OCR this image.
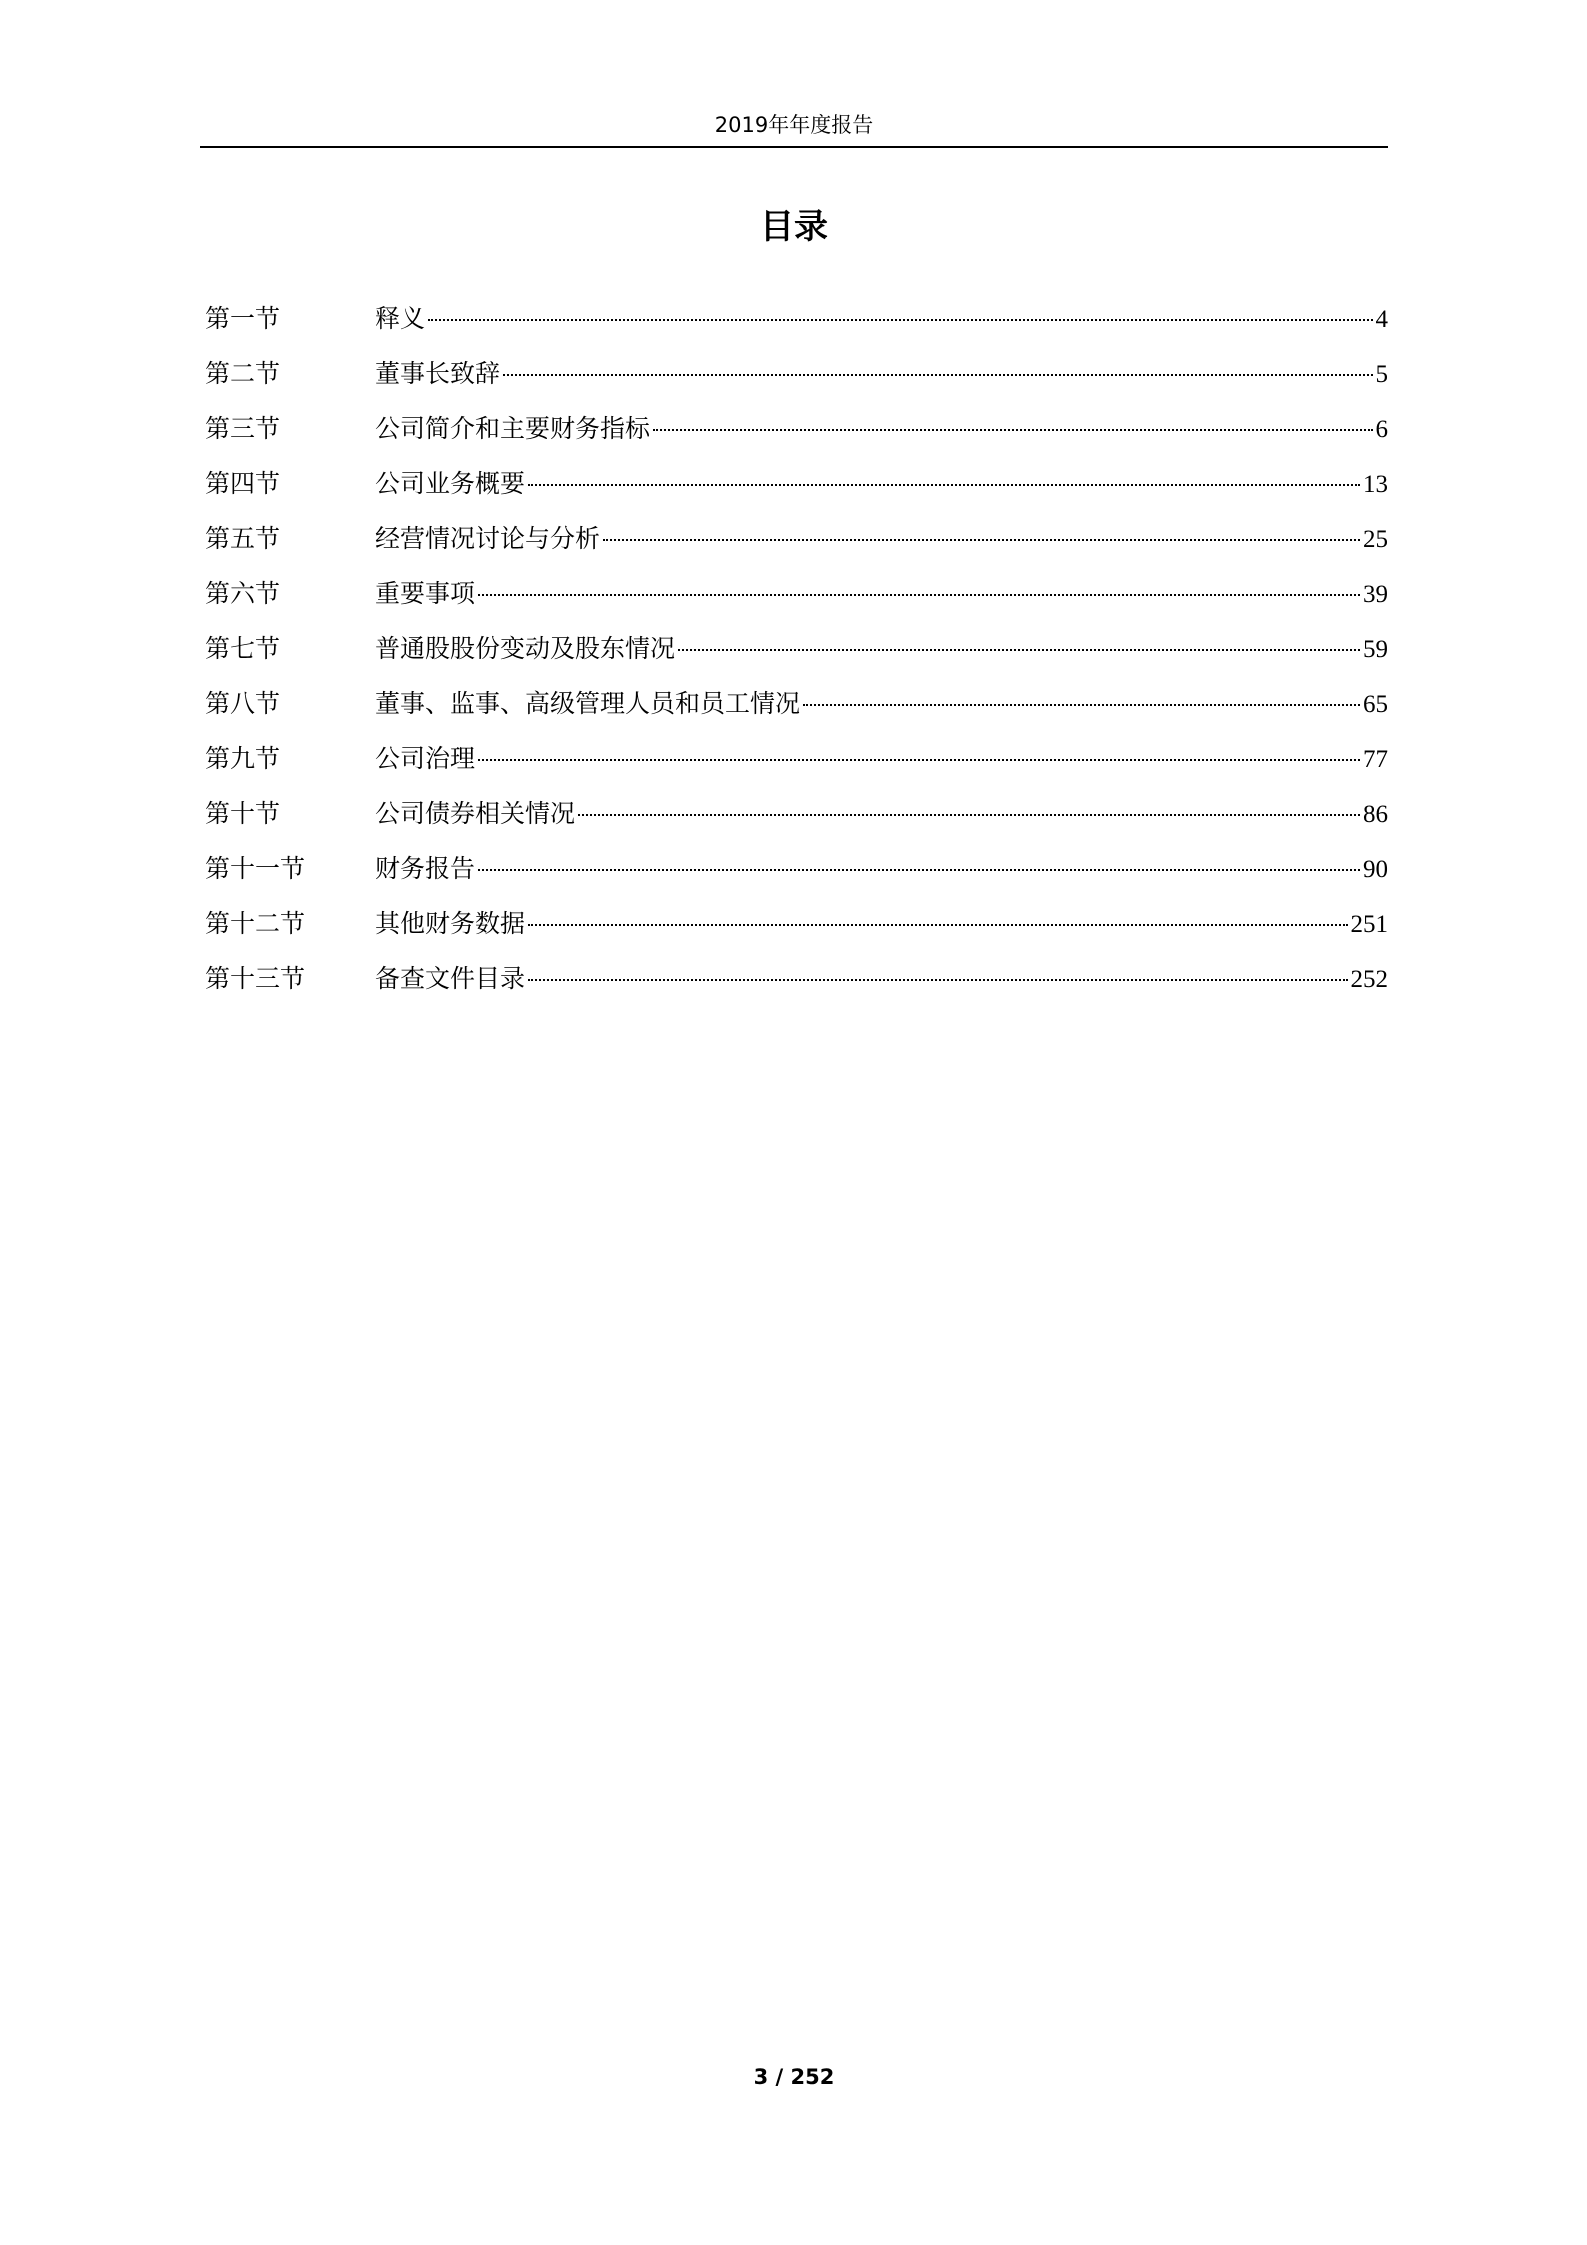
2019年年度报告
目录
第一节	释义	4
第二节	董事长致辞	5
第三节	公司简介和主要财务指标	6
第四节	公司业务概要	13
第五节	经营情况讨论与分析	25
第六节	重要事项	39
第七节	普通股股份变动及股东情况	59
第八节	董事、监事、高级管理人员和员工情况	65
第九节	公司治理	77
第十节	公司债券相关情况	86
第十一节	财务报告	90
第十二节	其他财务数据	251
第十三节	备查文件目录	252
3 / 252
